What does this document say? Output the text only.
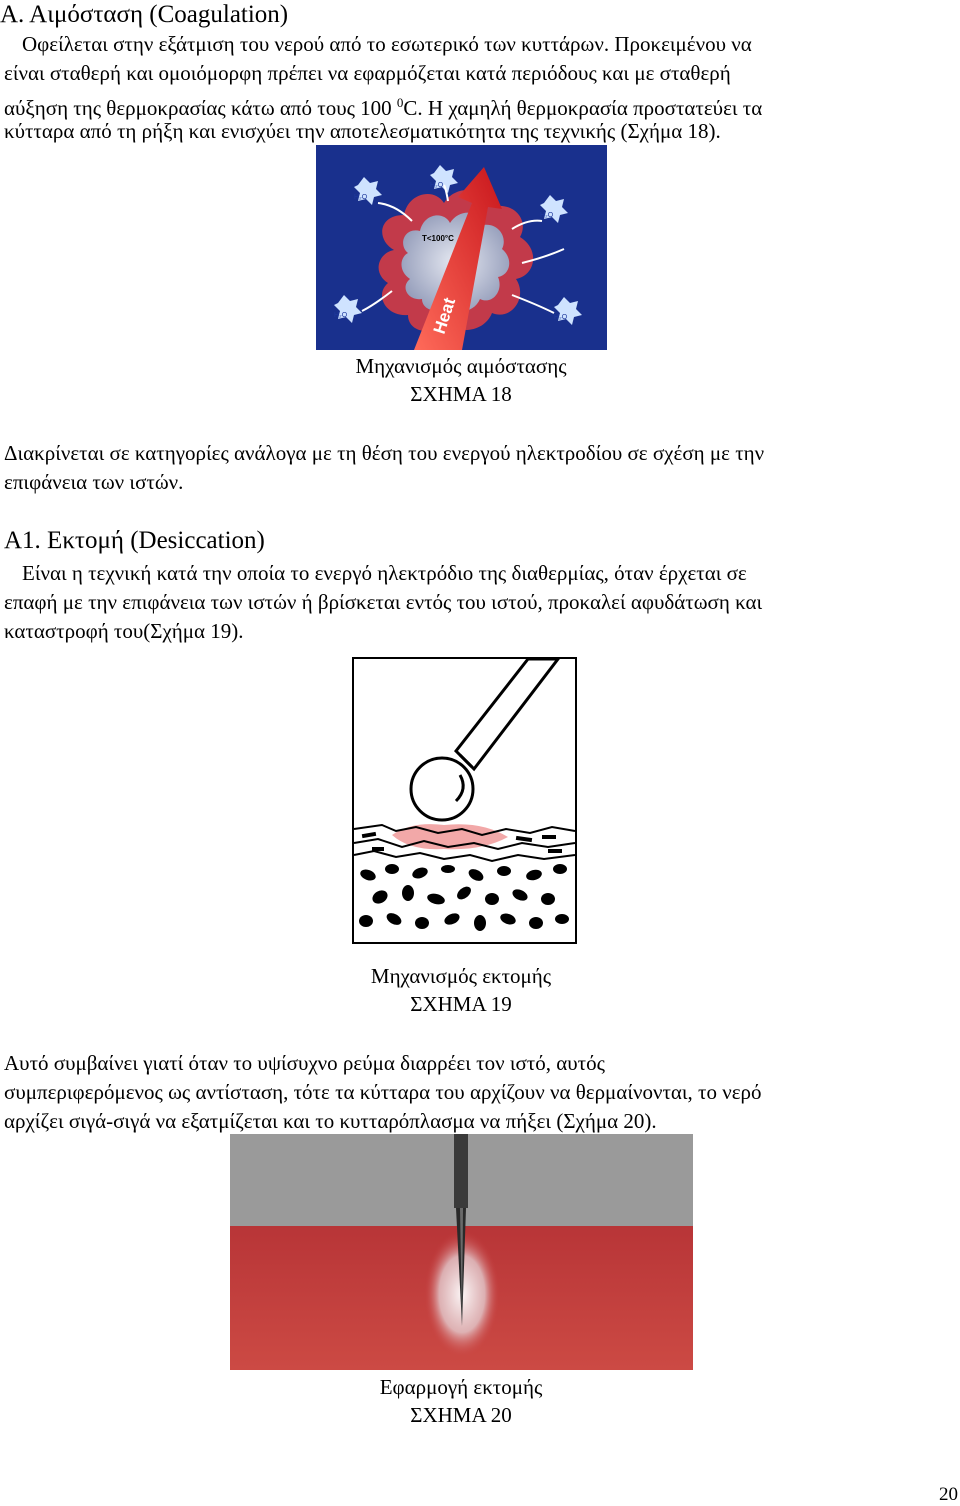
Α. Αιμόσταση (Coagulation)
Οφείλεται στην εξάτμιση του νερού από το εσωτερικό των κυττάρων. Προκειμένου να
είναι σταθερή και ομοιόμορφη πρέπει να εφαρμόζεται κατά περιόδους και με σταθερή
αύξηση της θερμοκρασίας κάτω από τους 100 $^0$C. Η χαμηλή θερμοκρασία προστατεύει τα
κύτταρα από τη ρήξη και ενισχύει την αποτελεσματικότητα της τεχνικής (Σχήμα 18).
Heat
T<100°C
H₂O
H₂O
H₂O
H₂O	H₂O
Μηχανισμός αιμόστασης
ΣΧΗΜΑ 18
Διακρίνεται σε κατηγορίες ανάλογα με τη θέση του ενεργού ηλεκτροδίου σε σχέση με την
επιφάνεια των ιστών.
Α1. Εκτομή (Desiccation)
Είναι η τεχνική κατά την οποία το ενεργό ηλεκτρόδιο της διαθερμίας, όταν έρχεται σε
επαφή με την επιφάνεια των ιστών ή βρίσκεται εντός του ιστού, προκαλεί αφυδάτωση και
καταστροφή του(Σχήμα 19).
Μηχανισμός εκτομής
ΣΧΗΜΑ 19
Αυτό συμβαίνει γιατί όταν το υψίσυχνο ρεύμα διαρρέει τον ιστό, αυτός
συμπεριφερόμενος ως αντίσταση, τότε τα κύτταρα του αρχίζουν να θερμαίνονται, το νερό
αρχίζει σιγά-σιγά να εξατμίζεται και το κυτταρόπλασμα να πήξει (Σχήμα 20).
Εφαρμογή εκτομής
ΣΧΗΜΑ 20
20
